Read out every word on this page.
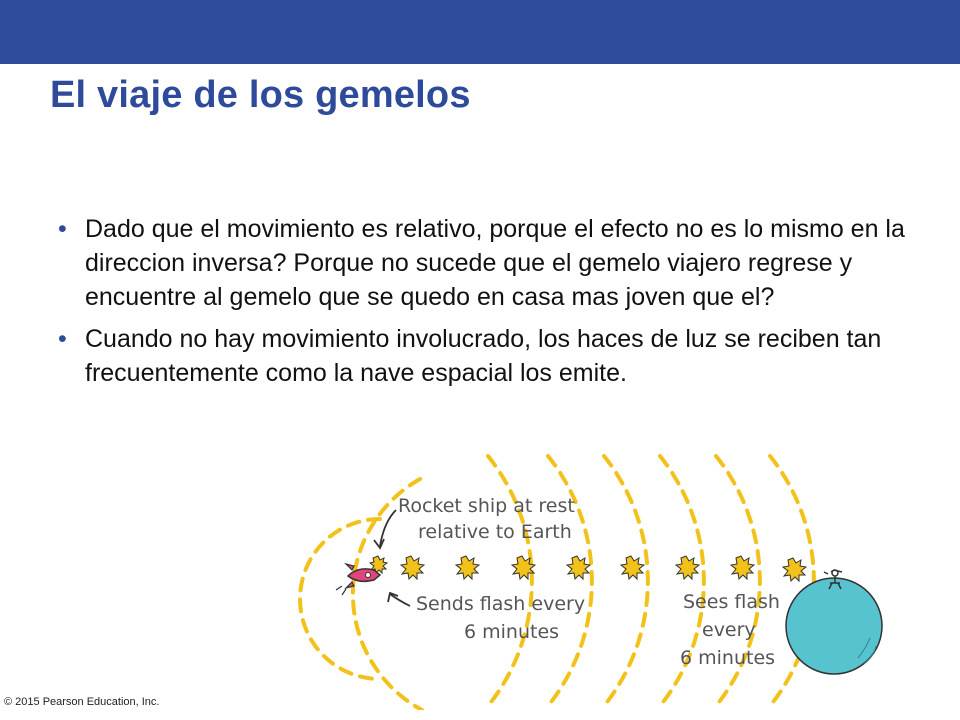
El viaje de los gemelos
• Dado que el movimiento es relativo, porque el efecto no es lo mismo en la direccion inversa? Porque no sucede que el gemelo viajero regrese y encuentre al gemelo que se quedo en casa mas joven que el?
• Cuando no hay movimiento involucrado, los haces de luz se reciben tan frecuentemente como la nave espacial los emite.
Rocket ship at rest
relative to Earth
Sends flash every
6 minutes
Sees flash
every
6 minutes
© 2015 Pearson Education, Inc.
